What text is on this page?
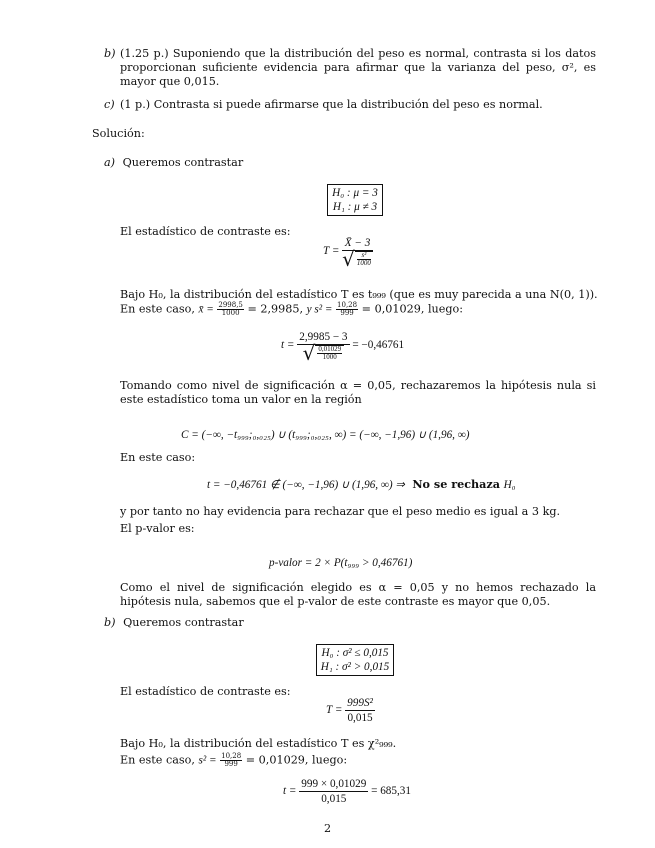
b) (1.25 p.) Suponiendo que la distribución del peso es normal, contrasta si los datos proporcionan suficiente evidencia para afirmar que la varianza del peso, σ², es mayor que 0,015.
c) (1 p.) Contrasta si puede afirmarse que la distribución del peso es normal.
Solución:
a) Queremos contrastar
H₀ : μ = 3
H₁ : μ ≠ 3
El estadístico de contraste es:
$T = \frac{X̄ - 3}{√ \frac{\text{s²}}{1000}}$
Bajo H₀, la distribución del estadístico T es t₉₉₉ (que es muy parecida a una N(0, 1)).
En este caso, x̄ = $\frac{2998,5}{1000} = 2,9985$, y $s^2 = \frac{10,28}{999} = 0,01029$, luego:
$t = \frac{2,9985 - 3}{√ \frac{0,01029}{1000}} = -0,46761$
Tomando como nivel de significación α = 0,05, rechazaremos la hipótesis nula si este estadístico toma un valor en la región
C = (−∞, −t₉₉₉;₀,₀₂₅) ∪ (t₉₉₉;₀,₀₂₅, ∞) = (−∞, −1,96) ∪ (1,96, ∞)
En este caso:
t = −0,46761 ∉ (−∞, −1,96) ∪ (1,96, ∞) ⇒ No se rechaza H₀
y por tanto no hay evidencia para rechazar que el peso medio es igual a 3 kg.
El p-valor es:
p-valor = 2 × P(t₉₉₉ > 0,46761)
Como el nivel de significación elegido es α = 0,05 y no hemos rechazado la hipótesis nula, sabemos que el p-valor de este contraste es mayor que 0,05.
b) Queremos contrastar
H₀ : σ² ≤ 0,015
H₁ : σ² > 0,015
El estadístico de contraste es:
$T = \frac{\text{999S²}}{0,015}$
Bajo H₀, la distribución del estadístico T es χ²₉₉₉.
En este caso, $s^2 = \frac{10,28}{999} = 0,01029$, luego:
$t = \frac{999 \times 0,01029}{0,015} = 685,31$
2
